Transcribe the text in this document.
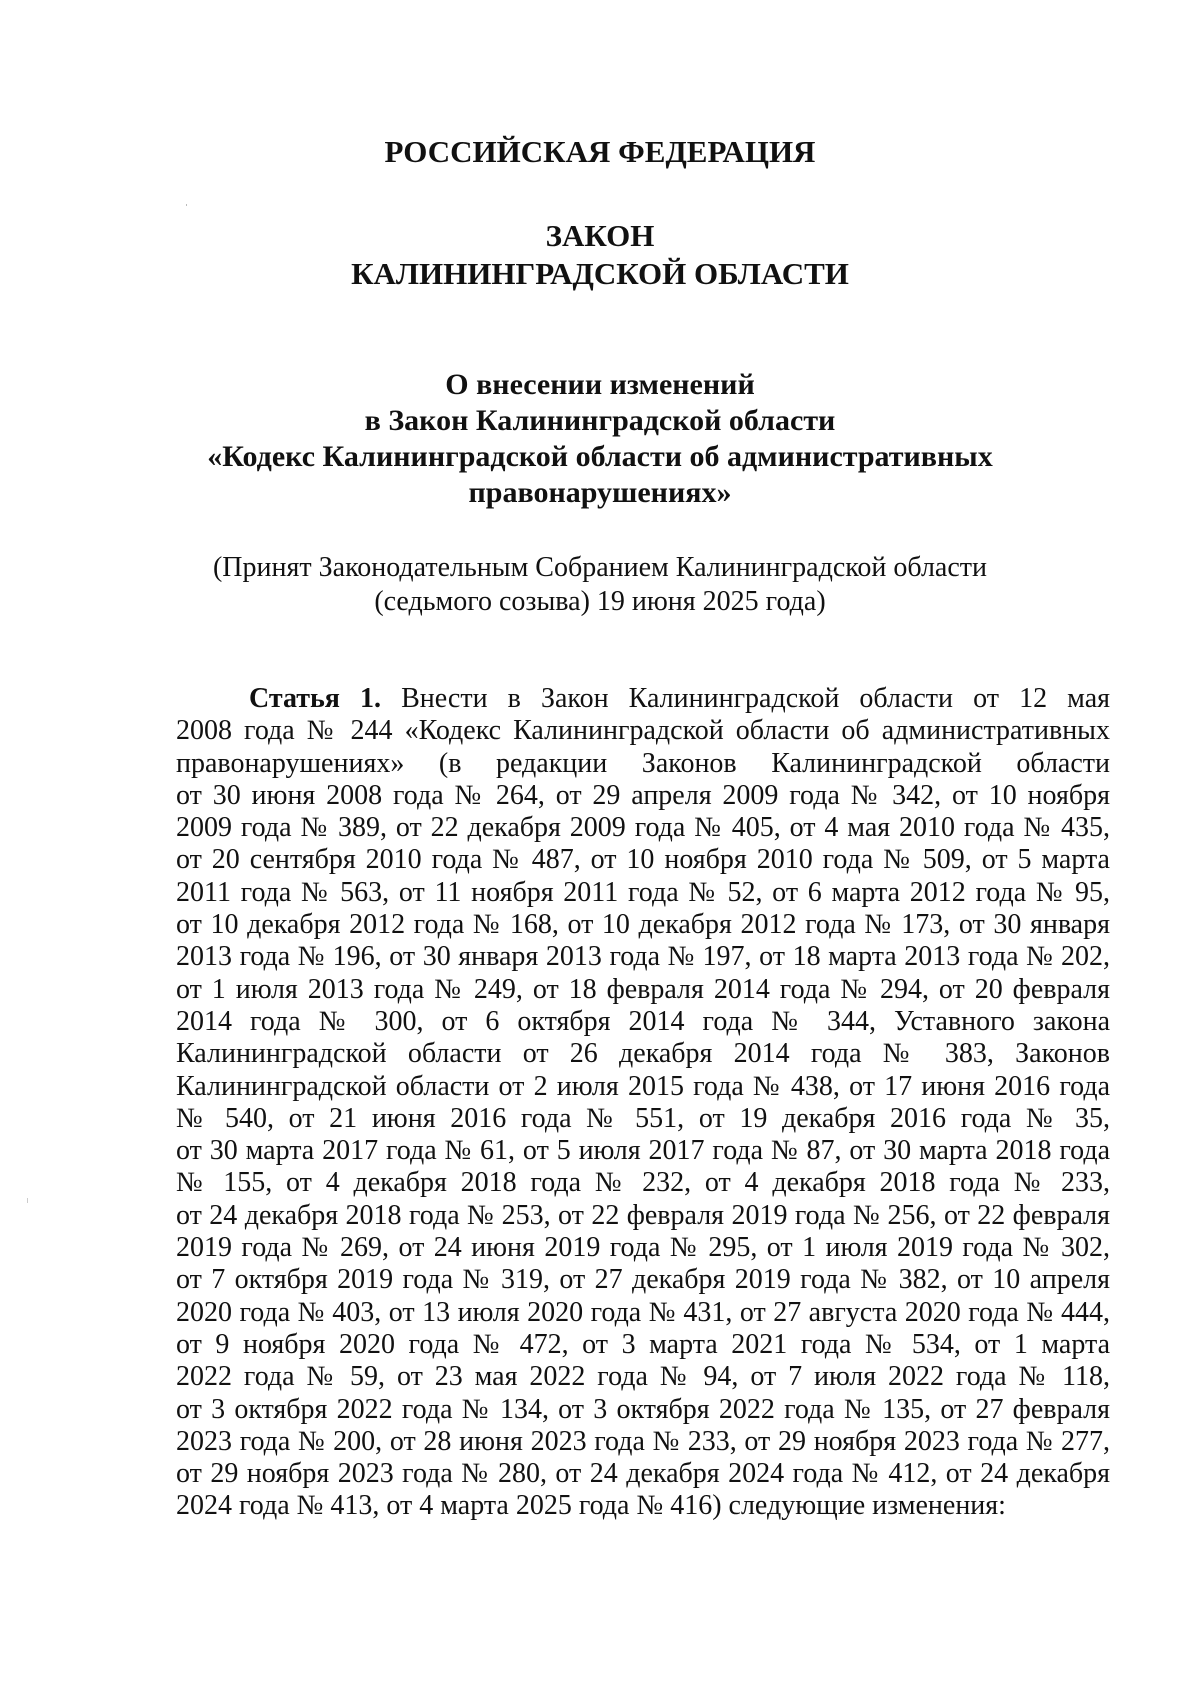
РОССИЙСКАЯ ФЕДЕРАЦИЯ
ЗАКОН
КАЛИНИНГРАДСКОЙ ОБЛАСТИ
О внесении изменений
в Закон Калининградской области
«Кодекс Калининградской области об административных
правонарушениях»

(Принят Законодательным Собранием Калининградской области
(седьмого созыва) 19 июня 2025 года)

Статья 1. Внести в Закон Калининградской области от 12 мая
2008 года № 244 «Кодекс Калининградской области об административных
правонарушениях» (в редакции Законов Калининградской области
от 30 июня 2008 года № 264, от 29 апреля 2009 года № 342, от 10 ноября
2009 года № 389, от 22 декабря 2009 года № 405, от 4 мая 2010 года № 435,
от 20 сентября 2010 года № 487, от 10 ноября 2010 года № 509, от 5 марта
2011 года № 563, от 11 ноября 2011 года № 52, от 6 марта 2012 года № 95,
от 10 декабря 2012 года № 168, от 10 декабря 2012 года № 173, от 30 января
2013 года № 196, от 30 января 2013 года № 197, от 18 марта 2013 года № 202,
от 1 июля 2013 года № 249, от 18 февраля 2014 года № 294, от 20 февраля
2014 года № 300, от 6 октября 2014 года № 344, Уставного закона
Калининградской области от 26 декабря 2014 года № 383, Законов
Калининградской области от 2 июля 2015 года № 438, от 17 июня 2016 года
№ 540, от 21 июня 2016 года № 551, от 19 декабря 2016 года № 35,
от 30 марта 2017 года № 61, от 5 июля 2017 года № 87, от 30 марта 2018 года
№ 155, от 4 декабря 2018 года № 232, от 4 декабря 2018 года № 233,
от 24 декабря 2018 года № 253, от 22 февраля 2019 года № 256, от 22 февраля
2019 года № 269, от 24 июня 2019 года № 295, от 1 июля 2019 года № 302,
от 7 октября 2019 года № 319, от 27 декабря 2019 года № 382, от 10 апреля
2020 года № 403, от 13 июля 2020 года № 431, от 27 августа 2020 года № 444,
от 9 ноября 2020 года № 472, от 3 марта 2021 года № 534, от 1 марта
2022 года № 59, от 23 мая 2022 года № 94, от 7 июля 2022 года № 118,
от 3 октября 2022 года № 134, от 3 октября 2022 года № 135, от 27 февраля
2023 года № 200, от 28 июня 2023 года № 233, от 29 ноября 2023 года № 277,
от 29 ноября 2023 года № 280, от 24 декабря 2024 года № 412, от 24 декабря
2024 года № 413, от 4 марта 2025 года № 416) следующие изменения:
